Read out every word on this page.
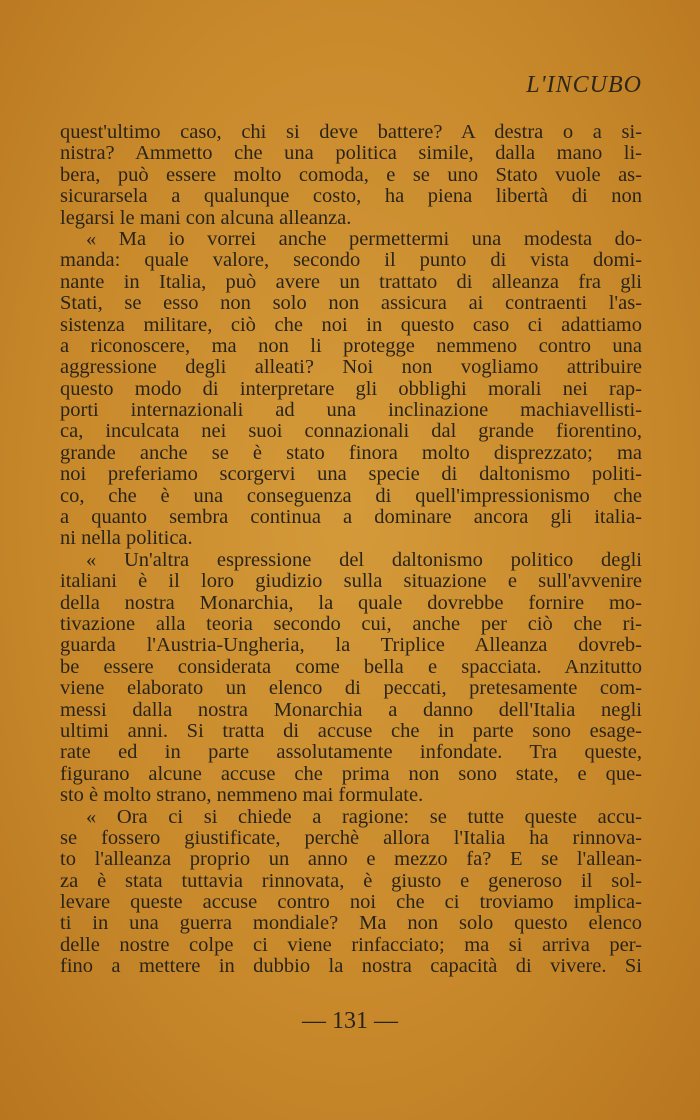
L'INCUBO
quest'ultimo caso, chi si deve battere? A destra o a si-
nistra? Ammetto che una politica simile, dalla mano li-
bera, può essere molto comoda, e se uno Stato vuole as-
sicurarsela a qualunque costo, ha piena libertà di non
legarsi le mani con alcuna alleanza.
« Ma io vorrei anche permettermi una modesta do-
manda: quale valore, secondo il punto di vista domi-
nante in Italia, può avere un trattato di alleanza fra gli
Stati, se esso non solo non assicura ai contraenti l'as-
sistenza militare, ciò che noi in questo caso ci adattiamo
a riconoscere, ma non li protegge nemmeno contro una
aggressione degli alleati? Noi non vogliamo attribuire
questo modo di interpretare gli obblighi morali nei rap-
porti internazionali ad una inclinazione machiavellisti-
ca, inculcata nei suoi connazionali dal grande fiorentino,
grande anche se è stato finora molto disprezzato; ma
noi preferiamo scorgervi una specie di daltonismo politi-
co, che è una conseguenza di quell'impressionismo che
a quanto sembra continua a dominare ancora gli italia-
ni nella politica.
« Un'altra espressione del daltonismo politico degli
italiani è il loro giudizio sulla situazione e sull'avvenire
della nostra Monarchia, la quale dovrebbe fornire mo-
tivazione alla teoria secondo cui, anche per ciò che ri-
guarda l'Austria-Ungheria, la Triplice Alleanza dovreb-
be essere considerata come bella e spacciata. Anzitutto
viene elaborato un elenco di peccati, pretesamente com-
messi dalla nostra Monarchia a danno dell'Italia negli
ultimi anni. Si tratta di accuse che in parte sono esage-
rate ed in parte assolutamente infondate. Tra queste,
figurano alcune accuse che prima non sono state, e que-
sto è molto strano, nemmeno mai formulate.
« Ora ci si chiede a ragione: se tutte queste accu-
se fossero giustificate, perchè allora l'Italia ha rinnova-
to l'alleanza proprio un anno e mezzo fa? E se l'allean-
za è stata tuttavia rinnovata, è giusto e generoso il sol-
levare queste accuse contro noi che ci troviamo implica-
ti in una guerra mondiale? Ma non solo questo elenco
delle nostre colpe ci viene rinfacciato; ma si arriva per-
fino a mettere in dubbio la nostra capacità di vivere. Si
— 131 —
